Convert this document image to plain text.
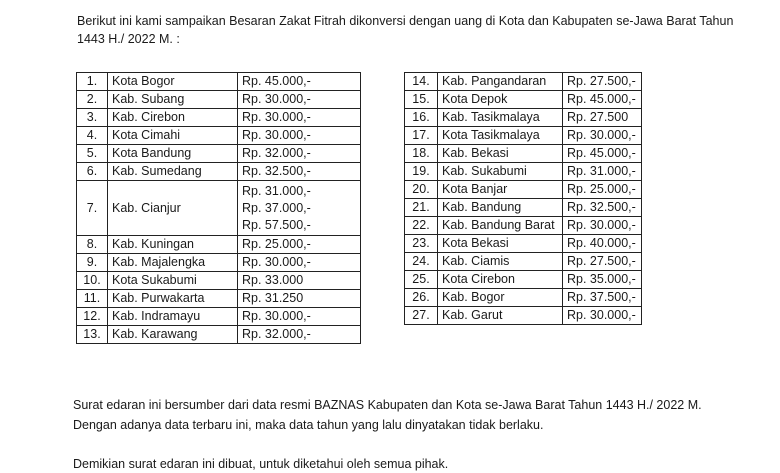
Berikut ini kami sampaikan Besaran Zakat Fitrah dikonversi dengan uang di Kota dan Kabupaten se-Jawa Barat Tahun 1443 H./ 2022 M. :

1.	Kota Bogor	Rp. 45.000,-

2.	Kab. Subang	Rp. 30.000,-

3.	Kab. Cirebon	Rp. 30.000,-

4.	Kota Cimahi	Rp. 30.000,-

5.	Kota Bandung	Rp. 32.000,-

6.	Kab. Sumedang	Rp. 32.500,-

7.	Kab. Cianjur	Rp. 31.000,-
Rp. 37.000,-
Rp. 57.500,-

8.	Kab. Kuningan	Rp. 25.000,-

9.	Kab. Majalengka	Rp. 30.000,-

10.	Kota Sukabumi	Rp. 33.000

11.	Kab. Purwakarta	Rp. 31.250

12.	Kab. Indramayu	Rp. 30.000,-

13.	Kab. Karawang	Rp. 32.000,-
14.	Kab. Pangandaran	Rp. 27.500,-

15.	Kota Depok	Rp. 45.000,-

16.	Kab. Tasikmalaya	Rp. 27.500

17.	Kota Tasikmalaya	Rp. 30.000,-

18.	Kab. Bekasi	Rp. 45.000,-

19.	Kab. Sukabumi	Rp. 31.000,-

20.	Kota Banjar	Rp. 25.000,-

21.	Kab. Bandung	Rp. 32.500,-

22.	Kab. Bandung Barat	Rp. 30.000,-

23.	Kota Bekasi	Rp. 40.000,-

24.	Kab. Ciamis	Rp. 27.500,-

25.	Kota Cirebon	Rp. 35.000,-

26.	Kab. Bogor	Rp. 37.500,-

27.	Kab. Garut	Rp. 30.000,-

Surat edaran ini bersumber dari data resmi BAZNAS Kabupaten dan Kota se-Jawa Barat Tahun 1443 H./ 2022 M.

Dengan adanya data terbaru ini, maka data tahun yang lalu dinyatakan tidak berlaku.

Demikian surat edaran ini dibuat, untuk diketahui oleh semua pihak.
